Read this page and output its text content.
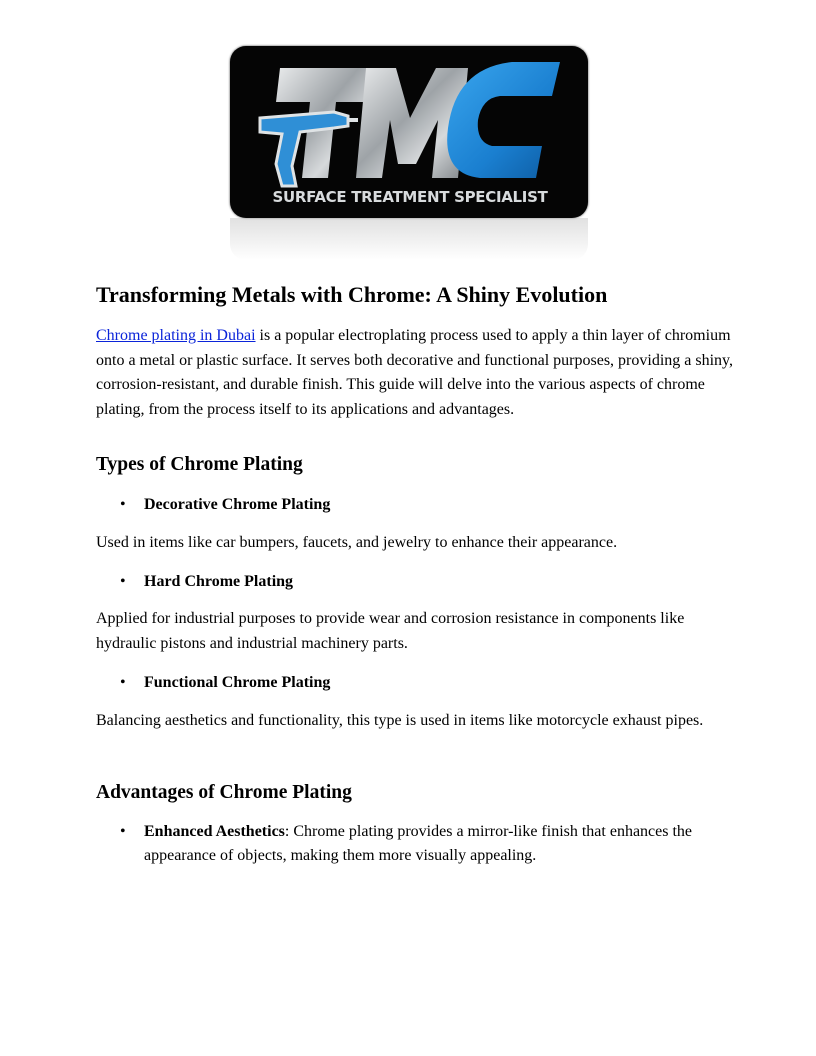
SURFACE TREATMENT SPECIALIST
Transforming Metals with Chrome: A Shiny Evolution

Chrome plating in Dubai is a popular electroplating process used to apply a thin layer of chromium onto a metal or plastic surface. It serves both decorative and functional purposes, providing a shiny, corrosion-resistant, and durable finish. This guide will delve into the various aspects of chrome plating, from the process itself to its applications and advantages.

Types of Chrome Plating
• Decorative Chrome Plating

Used in items like car bumpers, faucets, and jewelry to enhance their appearance.

• Hard Chrome Plating

Applied for industrial purposes to provide wear and corrosion resistance in components like hydraulic pistons and industrial machinery parts.

• Functional Chrome Plating

Balancing aesthetics and functionality, this type is used in items like motorcycle exhaust pipes.

Advantages of Chrome Plating
• Enhanced Aesthetics: Chrome plating provides a mirror-like finish that enhances the appearance of objects, making them more visually appealing.
